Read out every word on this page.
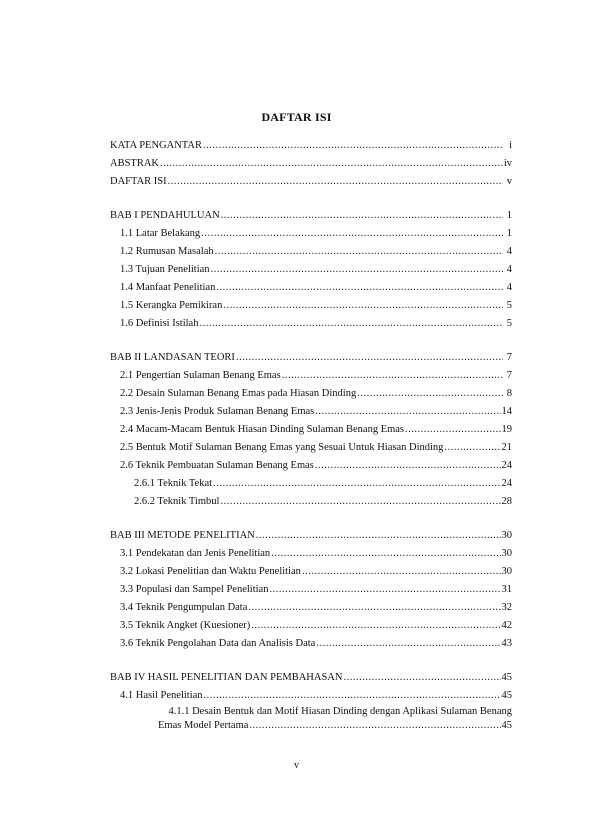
DAFTAR ISI
KATA PENGANTAR .....	i
ABSTRAK .....	iv
DAFTAR ISI .....	v
BAB I PENDAHULUAN .....	1
1.1 Latar Belakang .....	1
1.2 Rumusan Masalah .....	4
1.3 Tujuan Penelitian .....	4
1.4 Manfaat Penelitian .....	4
1.5 Kerangka Pemikiran .....	5
1.6 Definisi Istilah .....	5
BAB II LANDASAN TEORI .....	7
2.1 Pengertian Sulaman Benang Emas .....	7
2.2 Desain Sulaman Benang Emas pada Hiasan Dinding .....	8
2.3 Jenis-Jenis Produk Sulaman Benang Emas .....	14
2.4 Macam-Macam Bentuk Hiasan Dinding Sulaman Benang Emas .....	19
2.5 Bentuk Motif Sulaman Benang Emas yang Sesuai Untuk Hiasan Dinding .....	21
2.6 Teknik Pembuatan Sulaman Benang Emas .....	24
2.6.1 Teknik Tekat .....	24
2.6.2 Teknik Timbul .....	28
BAB III METODE PENELITIAN .....	30
3.1 Pendekatan dan Jenis Penelitian .....	30
3.2 Lokasi Penelitian dan Waktu Penelitian .....	30
3.3 Populasi dan Sampel Penelitian .....	31
3.4 Teknik Pengumpulan Data .....	32
3.5 Teknik Angket (Kuesioner) .....	42
3.6 Teknik Pengolahan Data dan Analisis Data .....	43
BAB IV HASIL PENELITIAN DAN PEMBAHASAN .....	45
4.1 Hasil Penelitian .....	45
4.1.1 Desain Bentuk dan Motif Hiasan Dinding dengan Aplikasi Sulaman Benang
Emas Model Pertama .....	45
v
